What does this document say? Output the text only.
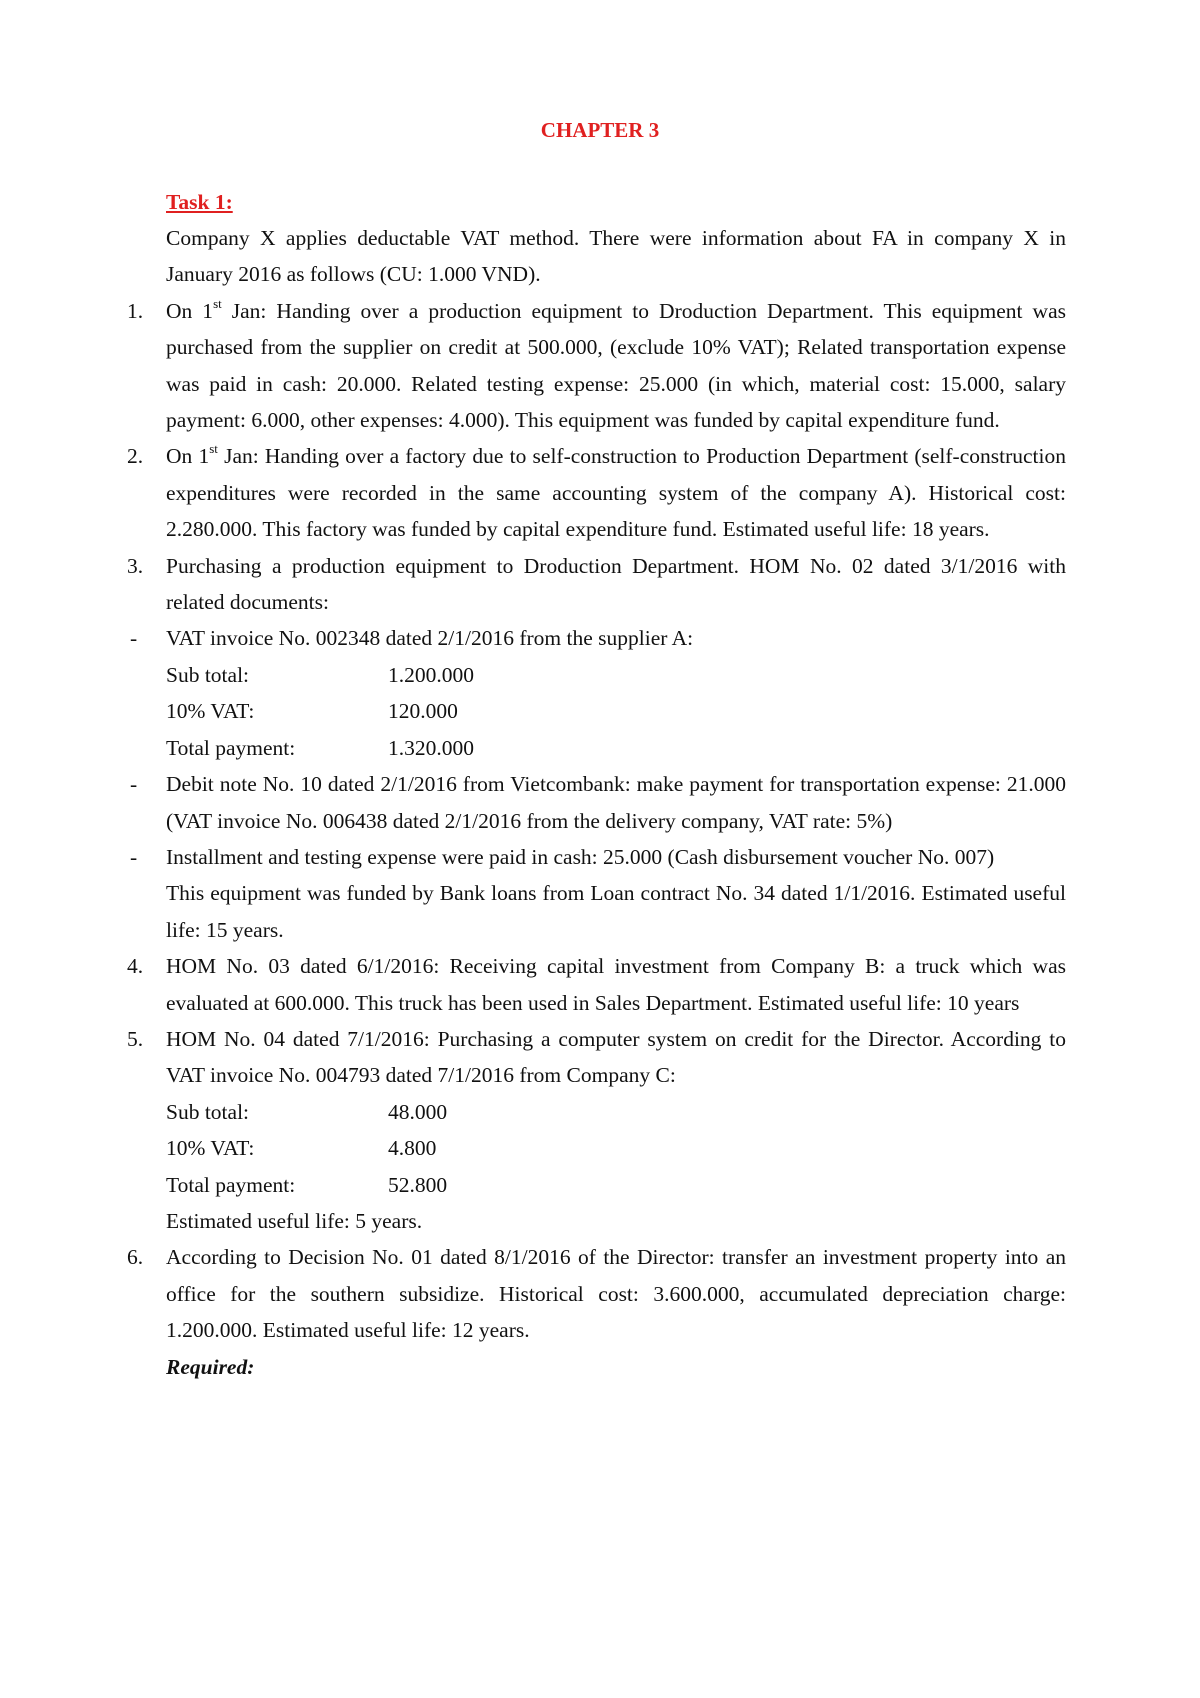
CHAPTER 3
Task 1:

Company X applies deductable VAT method. There were information about FA in company X in January 2016 as follows (CU: 1.000 VND).

1. On 1st Jan: Handing over a production equipment to Droduction Department. This equipment was purchased from the supplier on credit at 500.000, (exclude 10% VAT); Related transportation expense was paid in cash: 20.000. Related testing expense: 25.000 (in which, material cost: 15.000, salary payment: 6.000, other expenses: 4.000). This equipment was funded by capital expenditure fund.
2. On 1st Jan: Handing over a factory due to self-construction to Production Department (self-construction expenditures were recorded in the same accounting system of the company A). Historical cost: 2.280.000. This factory was funded by capital expenditure fund. Estimated useful life: 18 years.
3. Purchasing a production equipment to Droduction Department. HOM No. 02 dated 3/1/2016 with related documents:
- VAT invoice No. 002348 dated 2/1/2016 from the supplier A:
Sub total:	1.200.000
10% VAT:	120.000
Total payment:	1.320.000
- Debit note No. 10 dated 2/1/2016 from Vietcombank: make payment for transportation expense: 21.000 (VAT invoice No. 006438 dated 2/1/2016 from the delivery company, VAT rate: 5%)
- Installment and testing expense were paid in cash: 25.000 (Cash disbursement voucher No. 007)

This equipment was funded by Bank loans from Loan contract No. 34 dated 1/1/2016. Estimated useful life: 15 years.

4. HOM No. 03 dated 6/1/2016: Receiving capital investment from Company B: a truck which was evaluated at 600.000. This truck has been used in Sales Department. Estimated useful life: 10 years
5. HOM No. 04 dated 7/1/2016: Purchasing a computer system on credit for the Director. According to VAT invoice No. 004793 dated 7/1/2016 from Company C:
Sub total:	48.000
10% VAT:	4.800
Total payment:	52.800

Estimated useful life: 5 years.

6. According to Decision No. 01 dated 8/1/2016 of the Director: transfer an investment property into an office for the southern subsidize. Historical cost: 3.600.000, accumulated depreciation charge: 1.200.000. Estimated useful life: 12 years.

Required:
